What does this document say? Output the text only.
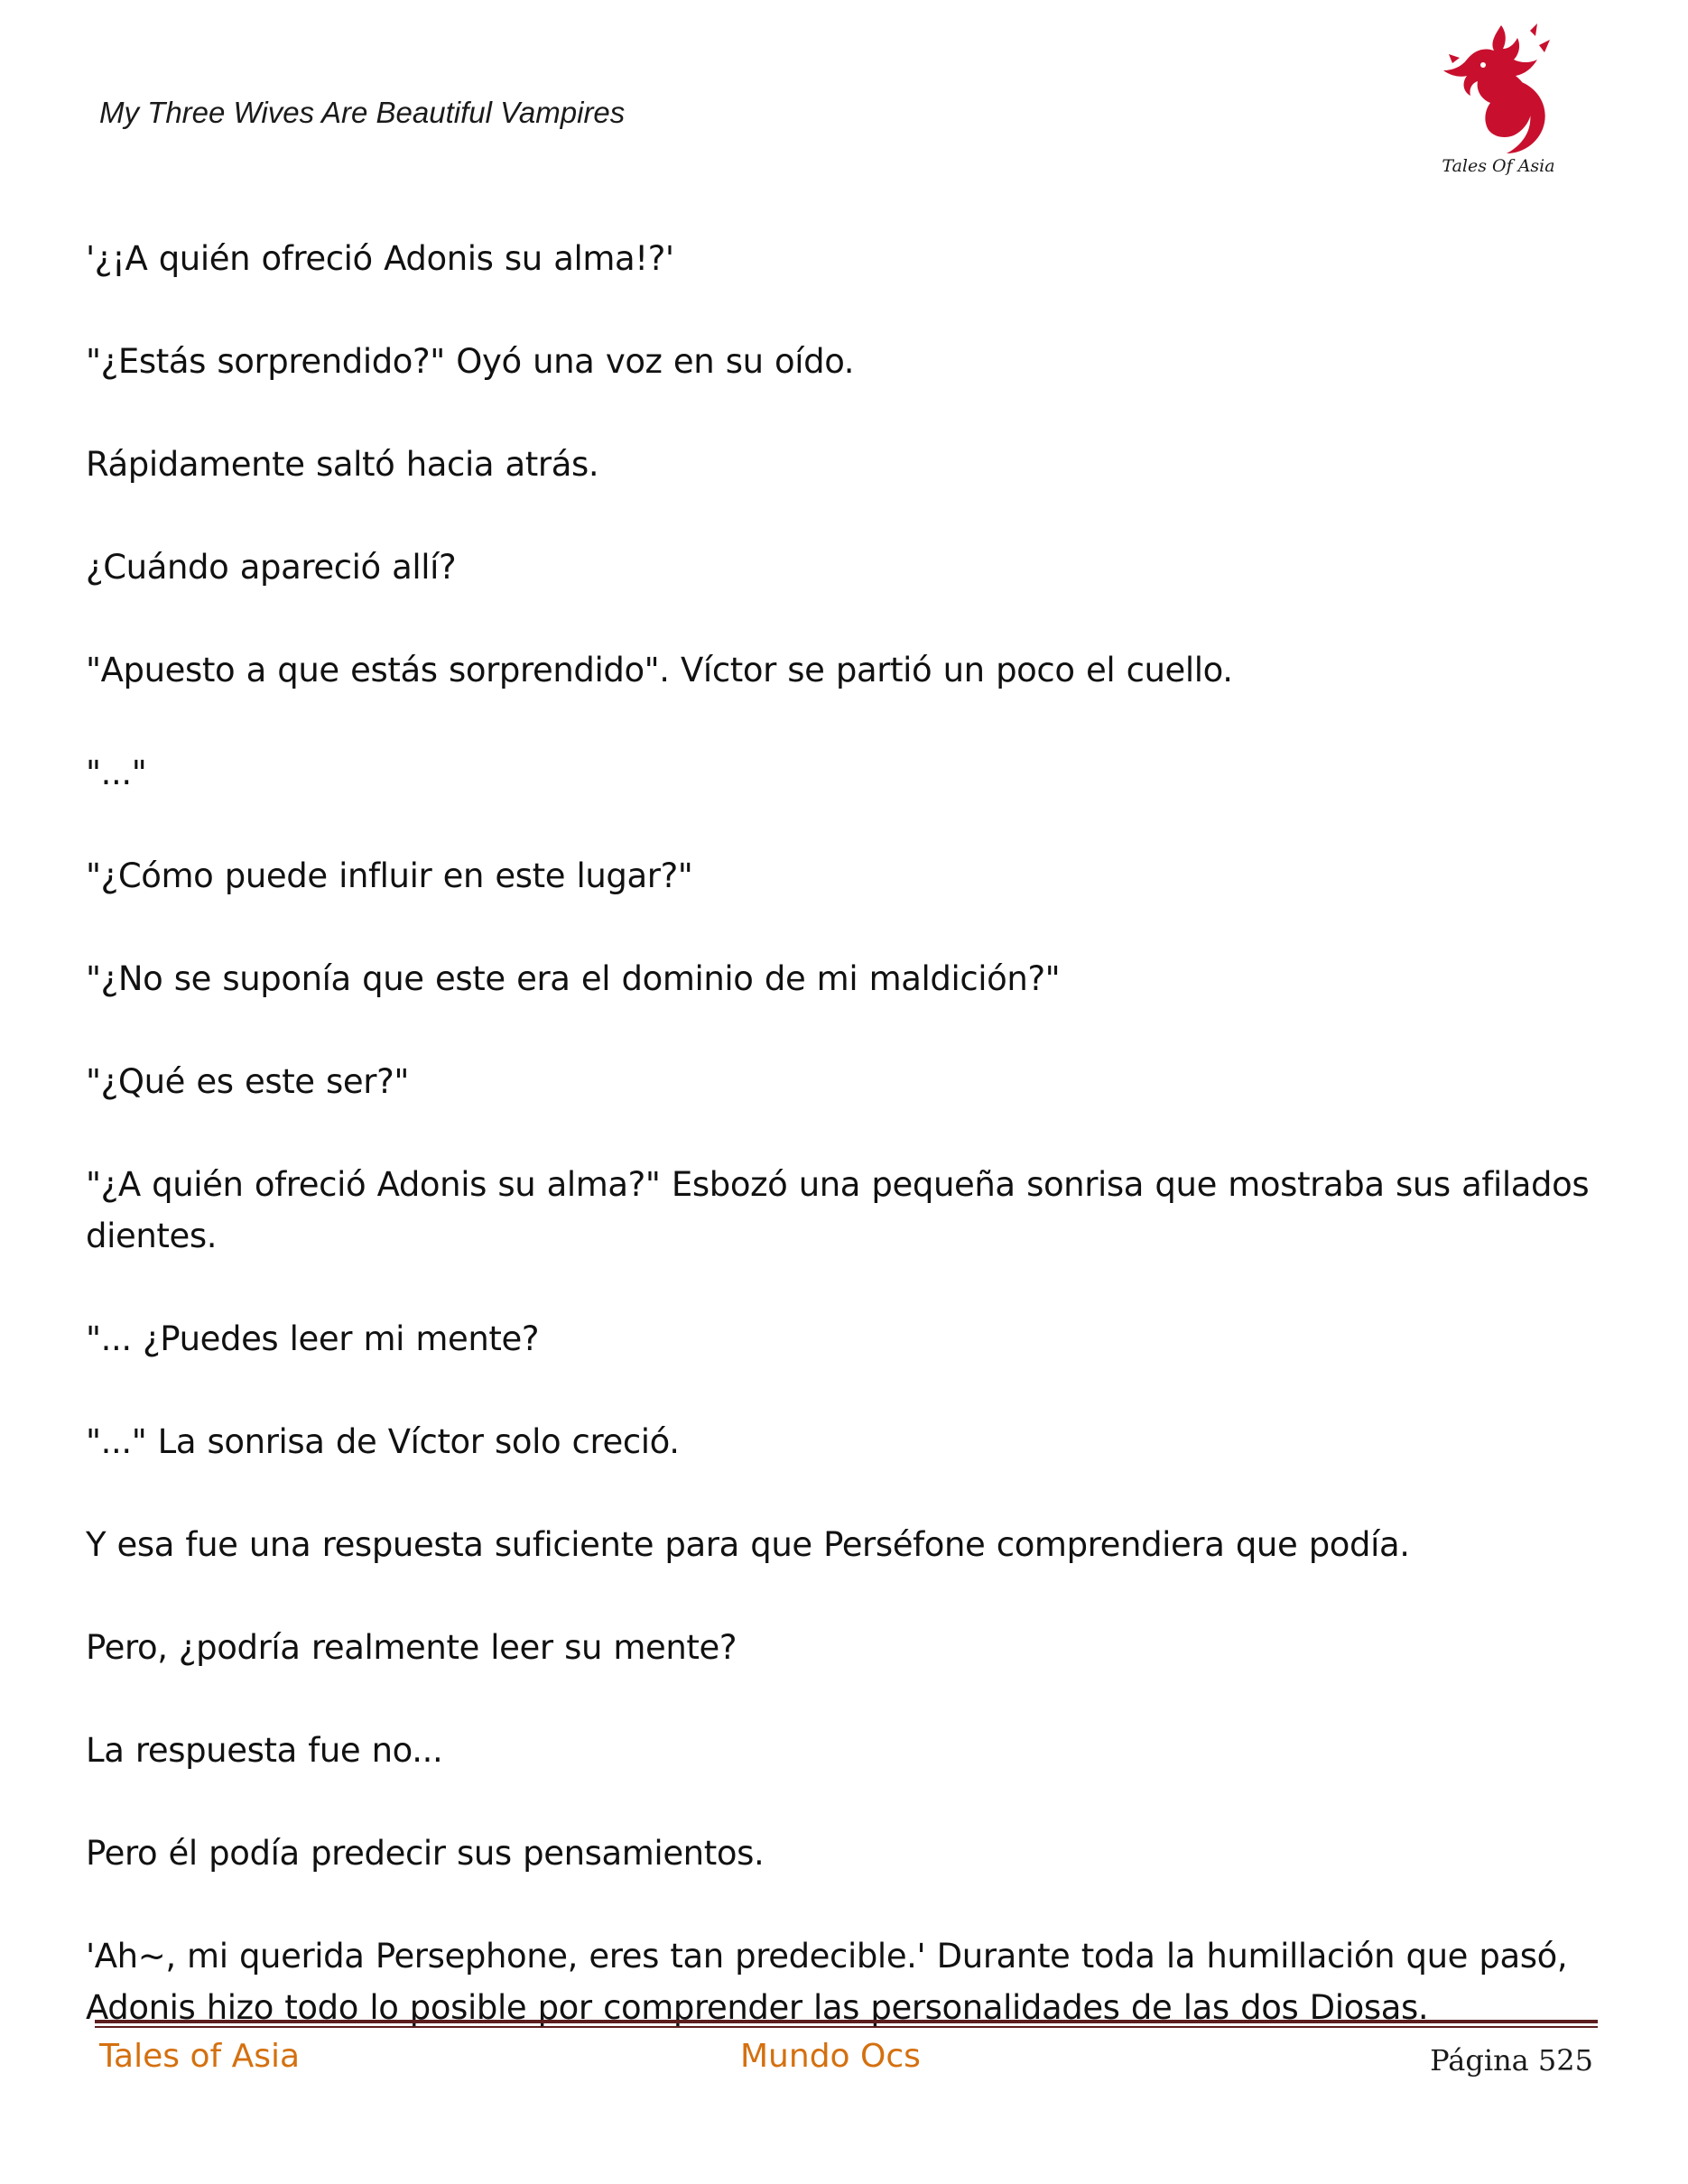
My Three Wives Are Beautiful Vampires
Tales Of Asia

'¿¡A quién ofreció Adonis su alma!?'

"¿Estás sorprendido?" Oyó una voz en su oído.

Rápidamente saltó hacia atrás.

¿Cuándo apareció allí?

"Apuesto a que estás sorprendido". Víctor se partió un poco el cuello.

"..."

"¿Cómo puede influir en este lugar?"

"¿No se suponía que este era el dominio de mi maldición?"

"¿Qué es este ser?"

"¿A quién ofreció Adonis su alma?" Esbozó una pequeña sonrisa que mostraba sus afilados dientes.

"... ¿Puedes leer mi mente?

"..." La sonrisa de Víctor solo creció.

Y esa fue una respuesta suficiente para que Perséfone comprendiera que podía.

Pero, ¿podría realmente leer su mente?

La respuesta fue no...

Pero él podía predecir sus pensamientos.

'Ah~, mi querida Persephone, eres tan predecible.' Durante toda la humillación que pasó, Adonis hizo todo lo posible por comprender las personalidades de las dos Diosas.

Tales of Asia	Mundo Ocs	Página 525
